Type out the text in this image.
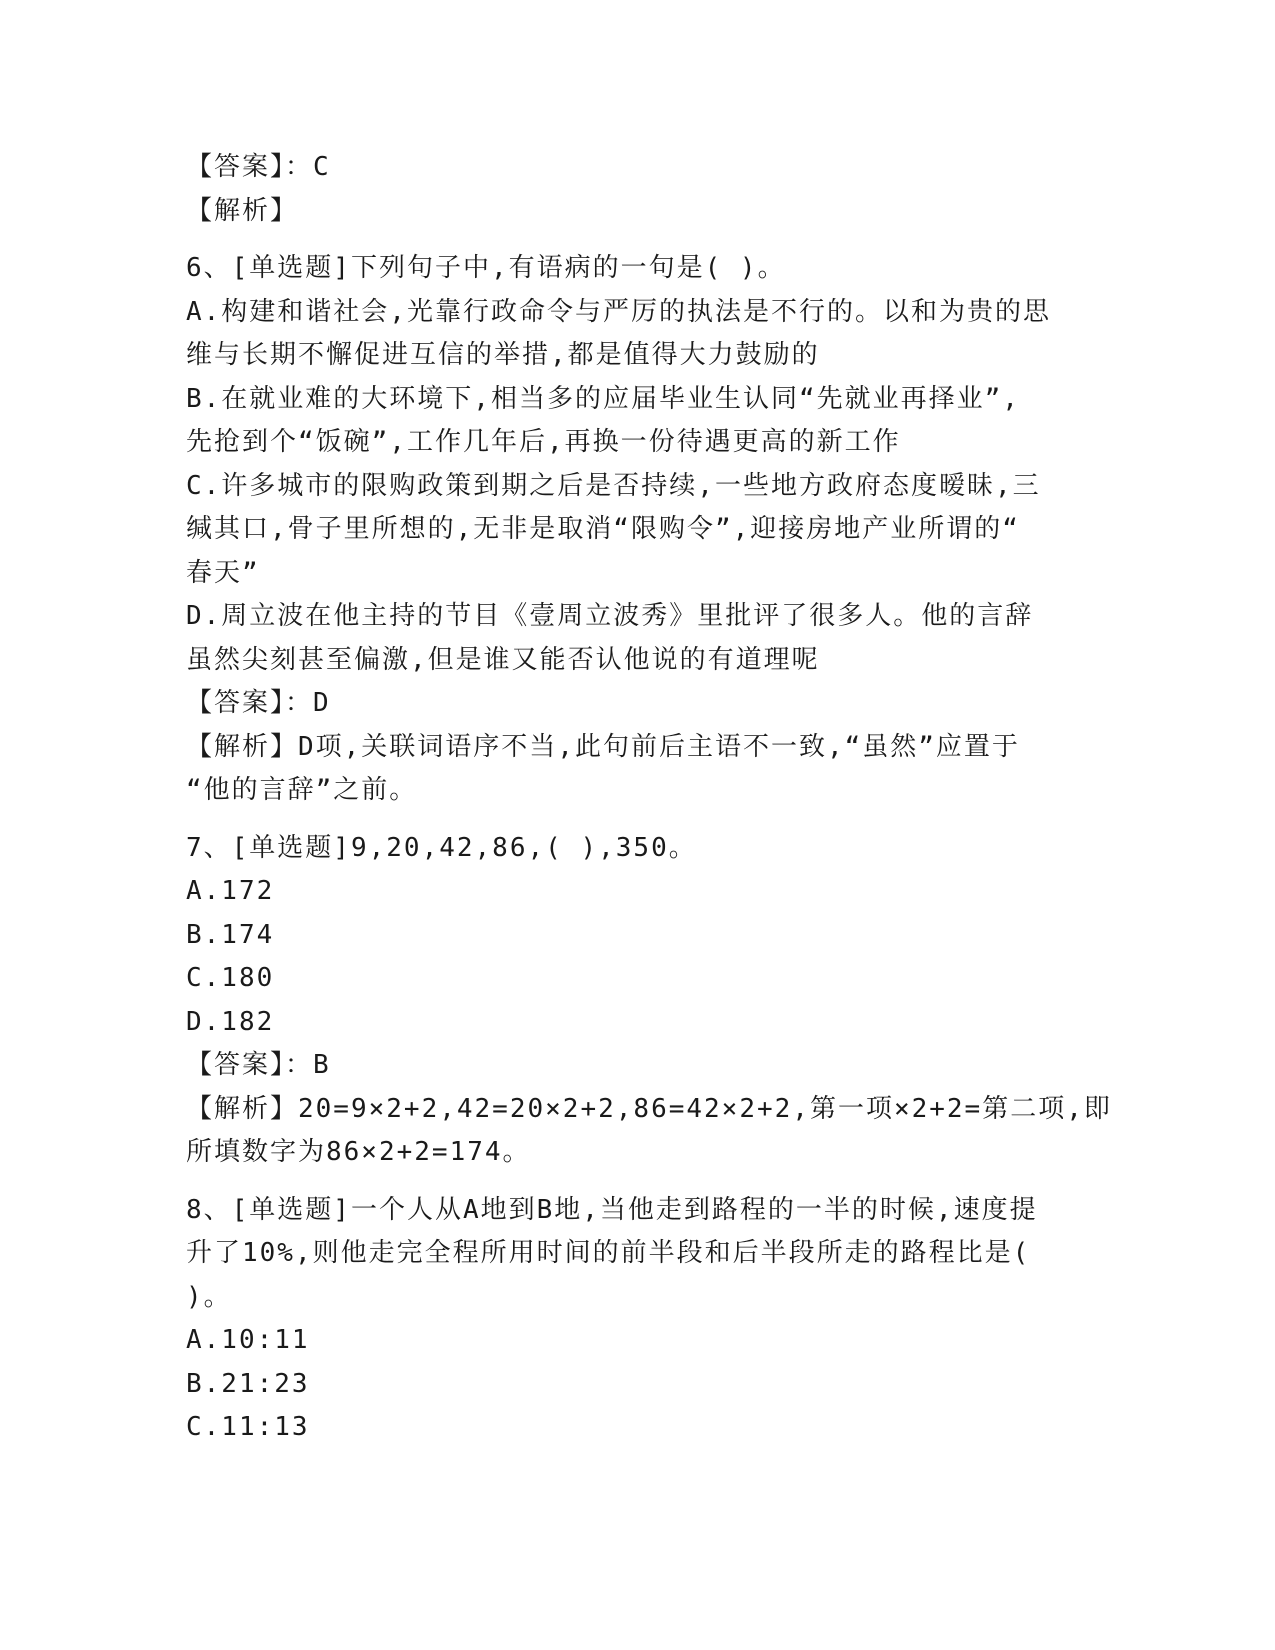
【答案】：C
【解析】
6、[单选题]下列句子中,有语病的一句是( )。
A.构建和谐社会,光靠行政命令与严厉的执法是不行的。以和为贵的思
维与长期不懈促进互信的举措,都是值得大力鼓励的
B.在就业难的大环境下,相当多的应届毕业生认同“先就业再择业”,
先抢到个“饭碗”,工作几年后,再换一份待遇更高的新工作
C.许多城市的限购政策到期之后是否持续,一些地方政府态度暧昧,三
缄其口,骨子里所想的,无非是取消“限购令”,迎接房地产业所谓的“
春天”
D.周立波在他主持的节目《壹周立波秀》里批评了很多人。他的言辞
虽然尖刻甚至偏激,但是谁又能否认他说的有道理呢
【答案】：D
【解析】D项,关联词语序不当,此句前后主语不一致,“虽然”应置于
“他的言辞”之前。
7、[单选题]9,20,42,86,( ),350。
A.172
B.174
C.180
D.182
【答案】：B
【解析】20=9×2+2,42=20×2+2,86=42×2+2,第一项×2+2=第二项,即
所填数字为86×2+2=174。
8、[单选题]一个人从A地到B地,当他走到路程的一半的时候,速度提
升了10%,则他走完全程所用时间的前半段和后半段所走的路程比是(
)。
A.10:11
B.21:23
C.11:13
